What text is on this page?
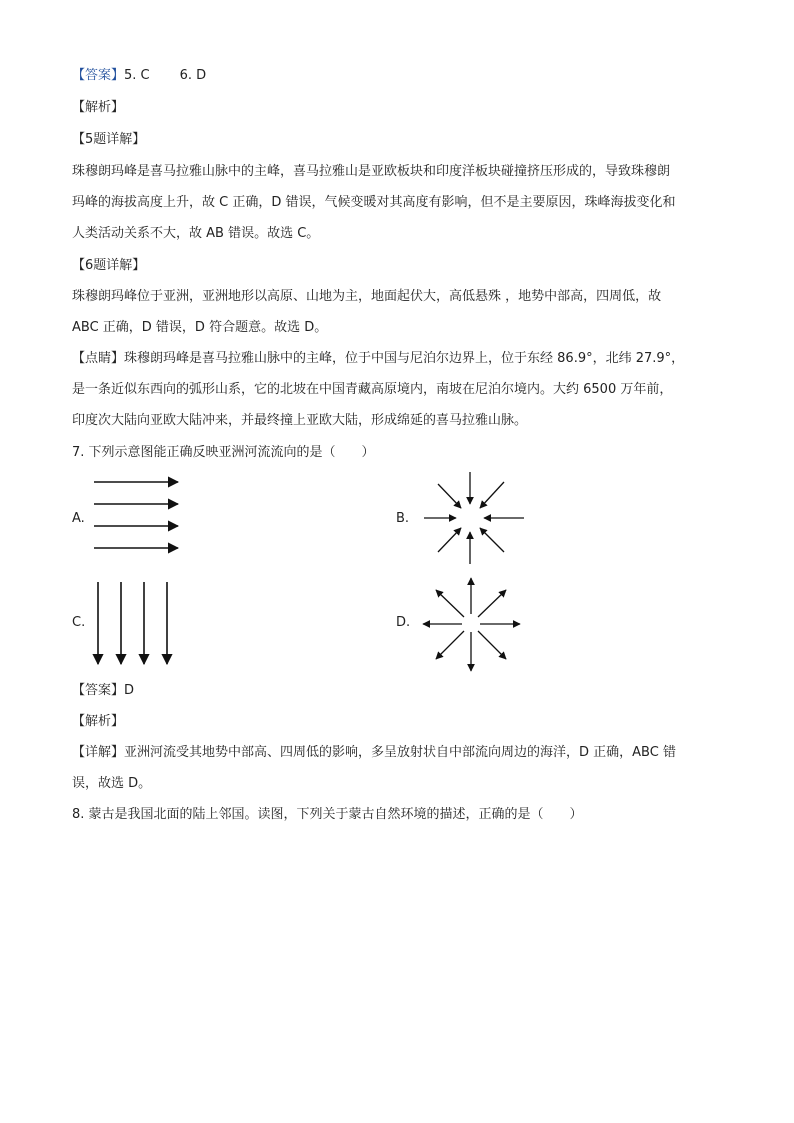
【答案】5. C 6. D
【解析】
【5题详解】
珠穆朗玛峰是喜马拉雅山脉中的主峰，喜马拉雅山是亚欧板块和印度洋板块碰撞挤压形成的，导致珠穆朗
玛峰的海拔高度上升，故 C 正确，D 错误，气候变暖对其高度有影响，但不是主要原因，珠峰海拔变化和
人类活动关系不大，故 AB 错误。故选 C。
【6题详解】
珠穆朗玛峰位于亚洲，亚洲地形以高原、山地为主，地面起伏大，高低悬殊 ，地势中部高，四周低，故
ABC 正确，D 错误，D 符合题意。故选 D。
【点睛】珠穆朗玛峰是喜马拉雅山脉中的主峰，位于中国与尼泊尔边界上，位于东经 86.9°，北纬 27.9°，
是一条近似东西向的弧形山系，它的北坡在中国青藏高原境内，南坡在尼泊尔境内。大约 6500 万年前，
印度次大陆向亚欧大陆冲来，并最终撞上亚欧大陆，形成绵延的喜马拉雅山脉。
7. 下列示意图能正确反映亚洲河流流向的是（　　）
A.	B.
C.	D.
【答案】D
【解析】
【详解】亚洲河流受其地势中部高、四周低的影响，多呈放射状自中部流向周边的海洋，D 正确，ABC 错
误，故选 D。
8. 蒙古是我国北面的陆上邻国。读图，下列关于蒙古自然环境的描述，正确的是（　　）
